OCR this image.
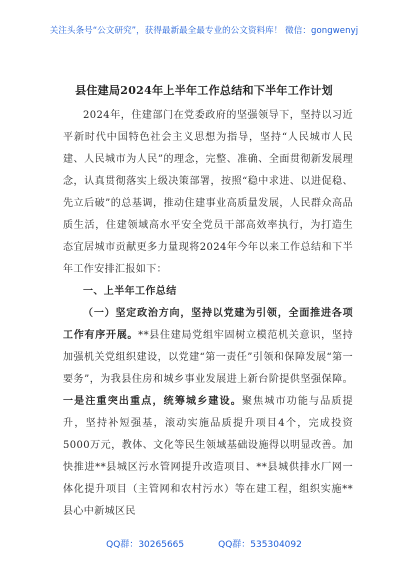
关注头条号“公文研究”，获得最新最全最专业的公文资料库！ 微信：gongwenyj
县住建局2024年上半年工作总结和下半年工作计划

2024年，住建部门在党委政府的坚强领导下，坚持以习近平新时代中国特色社会主义思想为指导，坚持“人民城市人民建、人民城市为人民”的理念，完整、准确、全面贯彻新发展理念，认真贯彻落实上级决策部署，按照“稳中求进、以进促稳、先立后破”的总基调，推动住建事业高质量发展，人民群众高品质生活，住建领域高水平安全党员干部高效率执行，为打造生态宜居城市贡献更多力量现将2024年今年以来工作总结和下半年工作安排汇报如下：

一、上半年工作总结

（一）坚定政治方向，坚持以党建为引领，全面推进各项工作有序开展。**县住建局党组牢固树立模范机关意识，坚持加强机关党组织建设，以党建“第一责任”引领和保障发展“第一要务”，为我县住房和城乡事业发展进上新台阶提供坚强保障。一是注重突出重点，统筹城乡建设。聚焦城市功能与品质提升，坚持补短强基，滚动实施品质提升项目4个，完成投资5000万元，教体、文化等民生领域基础设施得以明显改善。加快推进**县城区污水管网提升改造项目、**县城供排水厂网一体化提升项目（主管网和农村污水）等在建工程，组织实施**县心中新城区民

QQ群：30265665	QQ群：535304092
